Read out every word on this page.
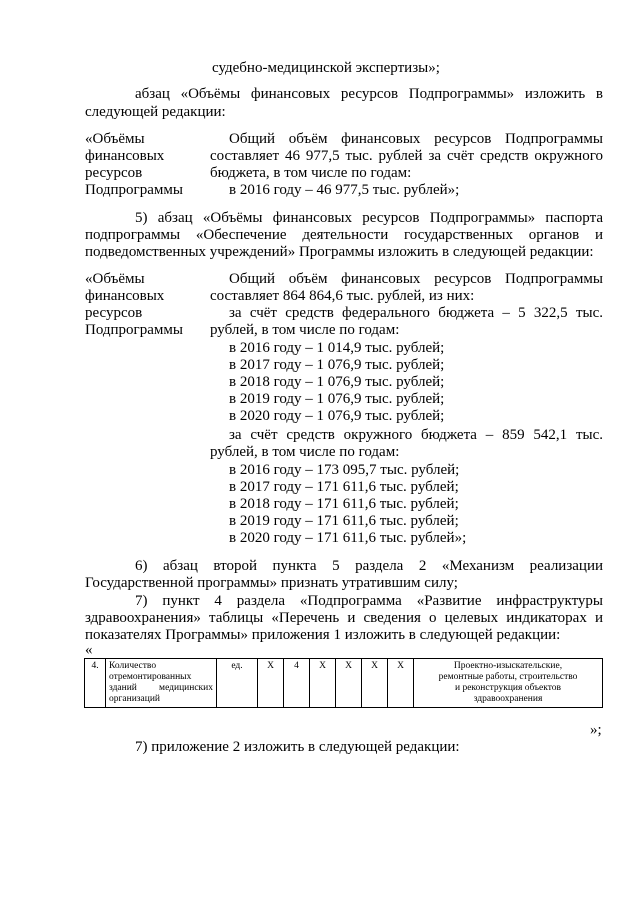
судебно-медицинской экспертизы»;
абзац «Объёмы финансовых ресурсов Подпрограммы» изложить в
следующей редакции:
«Объёмы
финансовых
ресурсов
Подпрограммы
Общий объём финансовых ресурсов Подпрограммы
составляет 46 977,5 тыс. рублей за счёт средств окружного
бюджета, в том числе по годам:
в 2016 году – 46 977,5 тыс. рублей»;
5) абзац «Объёмы финансовых ресурсов Подпрограммы» паспорта
подпрограммы «Обеспечение деятельности государственных органов и
подведомственных учреждений» Программы изложить в следующей редакции:
«Объёмы
финансовых
ресурсов
Подпрограммы
Общий объём финансовых ресурсов Подпрограммы
составляет 864 864,6 тыс. рублей, из них:
за счёт средств федерального бюджета – 5 322,5 тыс.
рублей, в том числе по годам:
в 2016 году – 1 014,9 тыс. рублей;
в 2017 году – 1 076,9 тыс. рублей;
в 2018 году – 1 076,9 тыс. рублей;
в 2019 году – 1 076,9 тыс. рублей;
в 2020 году – 1 076,9 тыс. рублей;
за счёт средств окружного бюджета – 859 542,1 тыс.
рублей, в том числе по годам:
в 2016 году – 173 095,7 тыс. рублей;
в 2017 году – 171 611,6 тыс. рублей;
в 2018 году – 171 611,6 тыс. рублей;
в 2019 году – 171 611,6 тыс. рублей;
в 2020 году – 171 611,6 тыс. рублей»;
6) абзац второй пункта 5 раздела 2 «Механизм реализации
Государственной программы» признать утратившим силу;
7) пункт 4 раздела «Подпрограмма «Развитие инфраструктуры
здравоохранения» таблицы «Перечень и сведения о целевых индикаторах и
показателях Программы» приложения 1 изложить в следующей редакции:
«
4.	Количество
отремонтированных
зданий медицинских
организаций
	ед.	Х	4	Х	Х	Х	Х	Проектно-изыскательские,
ремонтные работы, строительство
и реконструкция объектов
здравоохранения
»;
7) приложение 2 изложить в следующей редакции:
